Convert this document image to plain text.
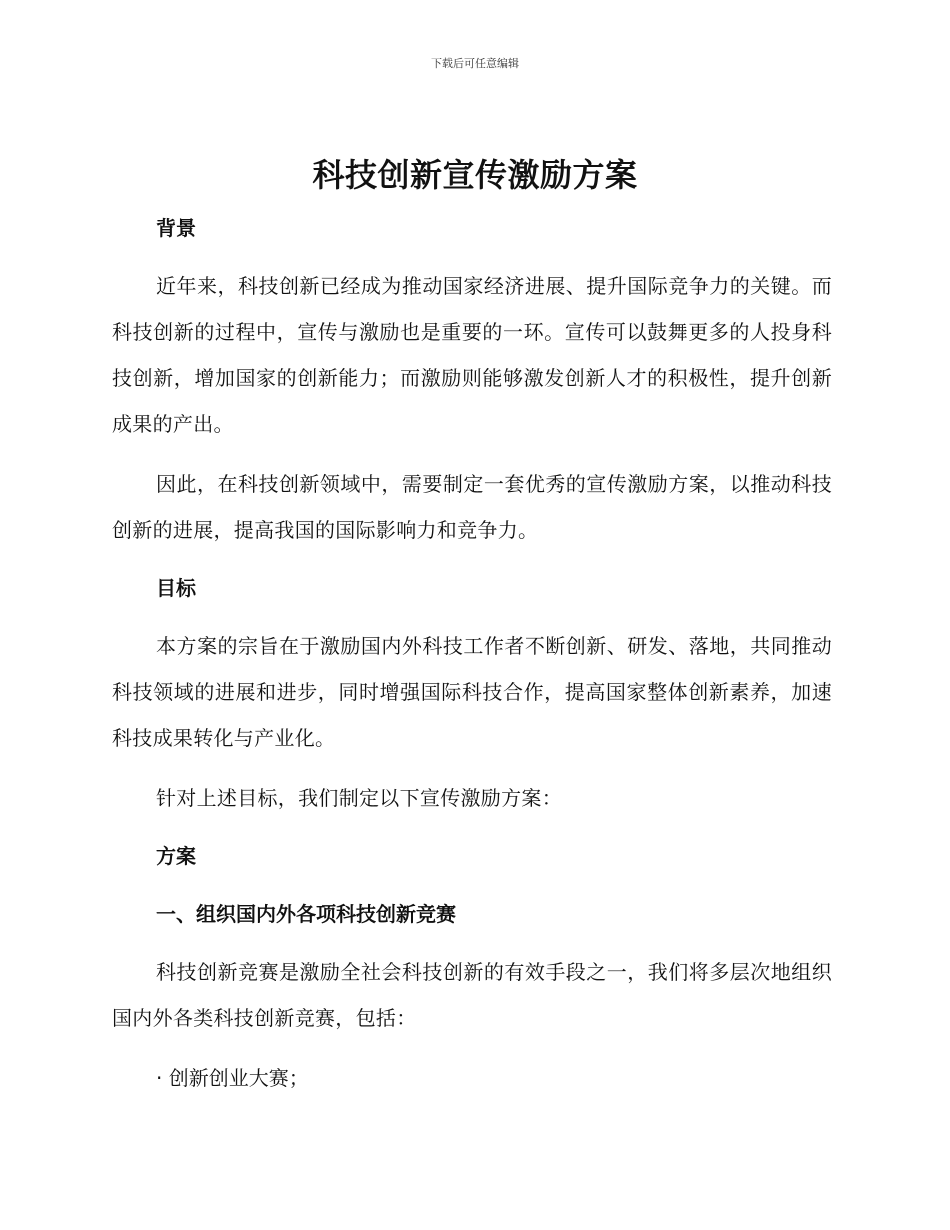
下载后可任意编辑
科技创新宣传激励方案

背景

近年来，科技创新已经成为推动国家经济进展、提升国际竞争力的关键。而科技创新的过程中，宣传与激励也是重要的一环。宣传可以鼓舞更多的人投身科技创新，增加国家的创新能力；而激励则能够激发创新人才的积极性，提升创新成果的产出。

因此，在科技创新领域中，需要制定一套优秀的宣传激励方案，以推动科技创新的进展，提高我国的国际影响力和竞争力。

目标

本方案的宗旨在于激励国内外科技工作者不断创新、研发、落地，共同推动科技领域的进展和进步，同时增强国际科技合作，提高国家整体创新素养，加速科技成果转化与产业化。

针对上述目标，我们制定以下宣传激励方案：

方案

一、组织国内外各项科技创新竞赛

科技创新竞赛是激励全社会科技创新的有效手段之一，我们将多层次地组织国内外各类科技创新竞赛，包括：

· 创新创业大赛；
